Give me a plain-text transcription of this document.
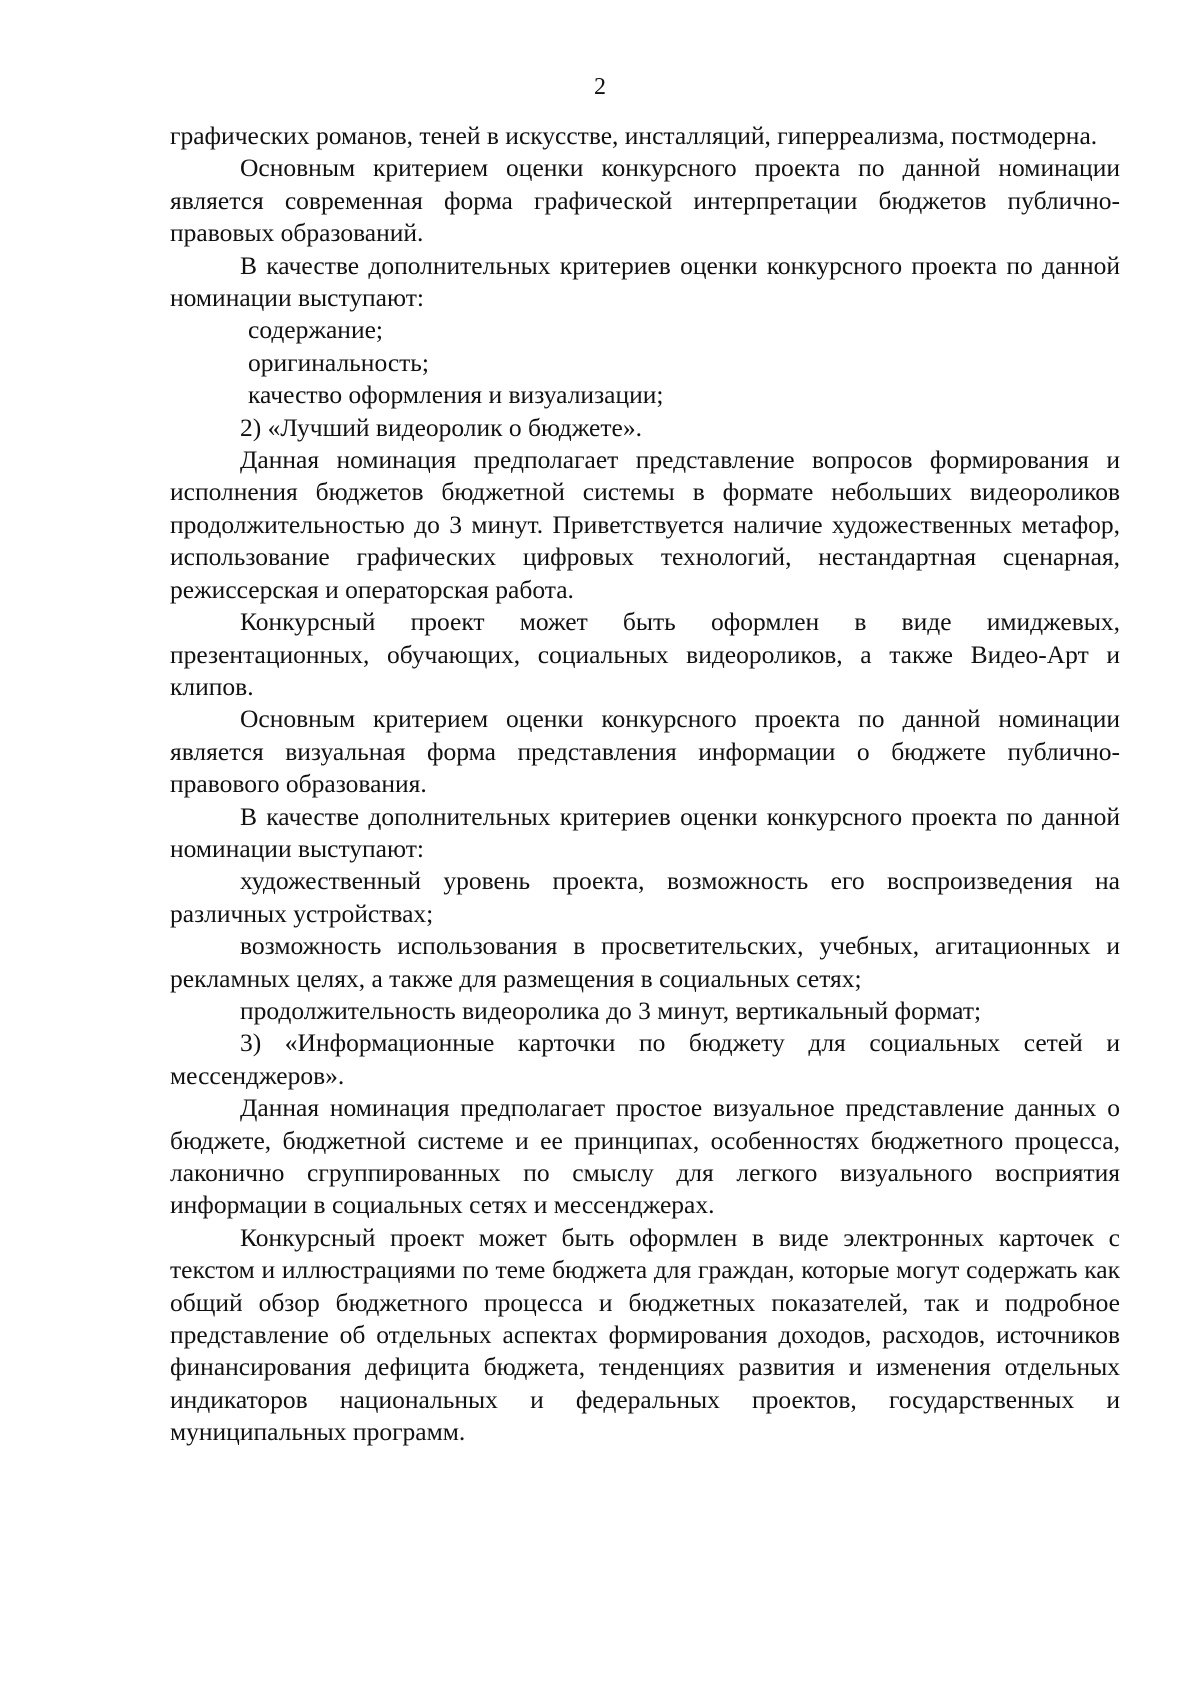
2

графических романов, теней в искусстве, инсталляций, гиперреализма, постмодерна.

Основным критерием оценки конкурсного проекта по данной номинации является современная форма графической интерпретации бюджетов публично-правовых образований.

В качестве дополнительных критериев оценки конкурсного проекта по данной номинации выступают:

содержание;

оригинальность;

качество оформления и визуализации;

2) «Лучший видеоролик о бюджете».

Данная номинация предполагает представление вопросов формирования и исполнения бюджетов бюджетной системы в формате небольших видеороликов продолжительностью до 3 минут. Приветствуется наличие художественных метафор, использование графических цифровых технологий, нестандартная сценарная, режиссерская и операторская работа.

Конкурсный проект может быть оформлен в виде имиджевых, презентационных, обучающих, социальных видеороликов, а также Видео-Арт и клипов.

Основным критерием оценки конкурсного проекта по данной номинации является визуальная форма представления информации о бюджете публично-правового образования.

В качестве дополнительных критериев оценки конкурсного проекта по данной номинации выступают:

художественный уровень проекта, возможность его воспроизведения на различных устройствах;

возможность использования в просветительских, учебных, агитационных и рекламных целях, а также для размещения в социальных сетях;

продолжительность видеоролика до 3 минут, вертикальный формат;

3) «Информационные карточки по бюджету для социальных сетей и мессенджеров».

Данная номинация предполагает простое визуальное представление данных о бюджете, бюджетной системе и ее принципах, особенностях бюджетного процесса, лаконично сгруппированных по смыслу для легкого визуального восприятия информации в социальных сетях и мессенджерах.

Конкурсный проект может быть оформлен в виде электронных карточек с текстом и иллюстрациями по теме бюджета для граждан, которые могут содержать как общий обзор бюджетного процесса и бюджетных показателей, так и подробное представление об отдельных аспектах формирования доходов, расходов, источников финансирования дефицита бюджета, тенденциях развития и изменения отдельных индикаторов национальных и федеральных проектов, государственных и муниципальных программ.
